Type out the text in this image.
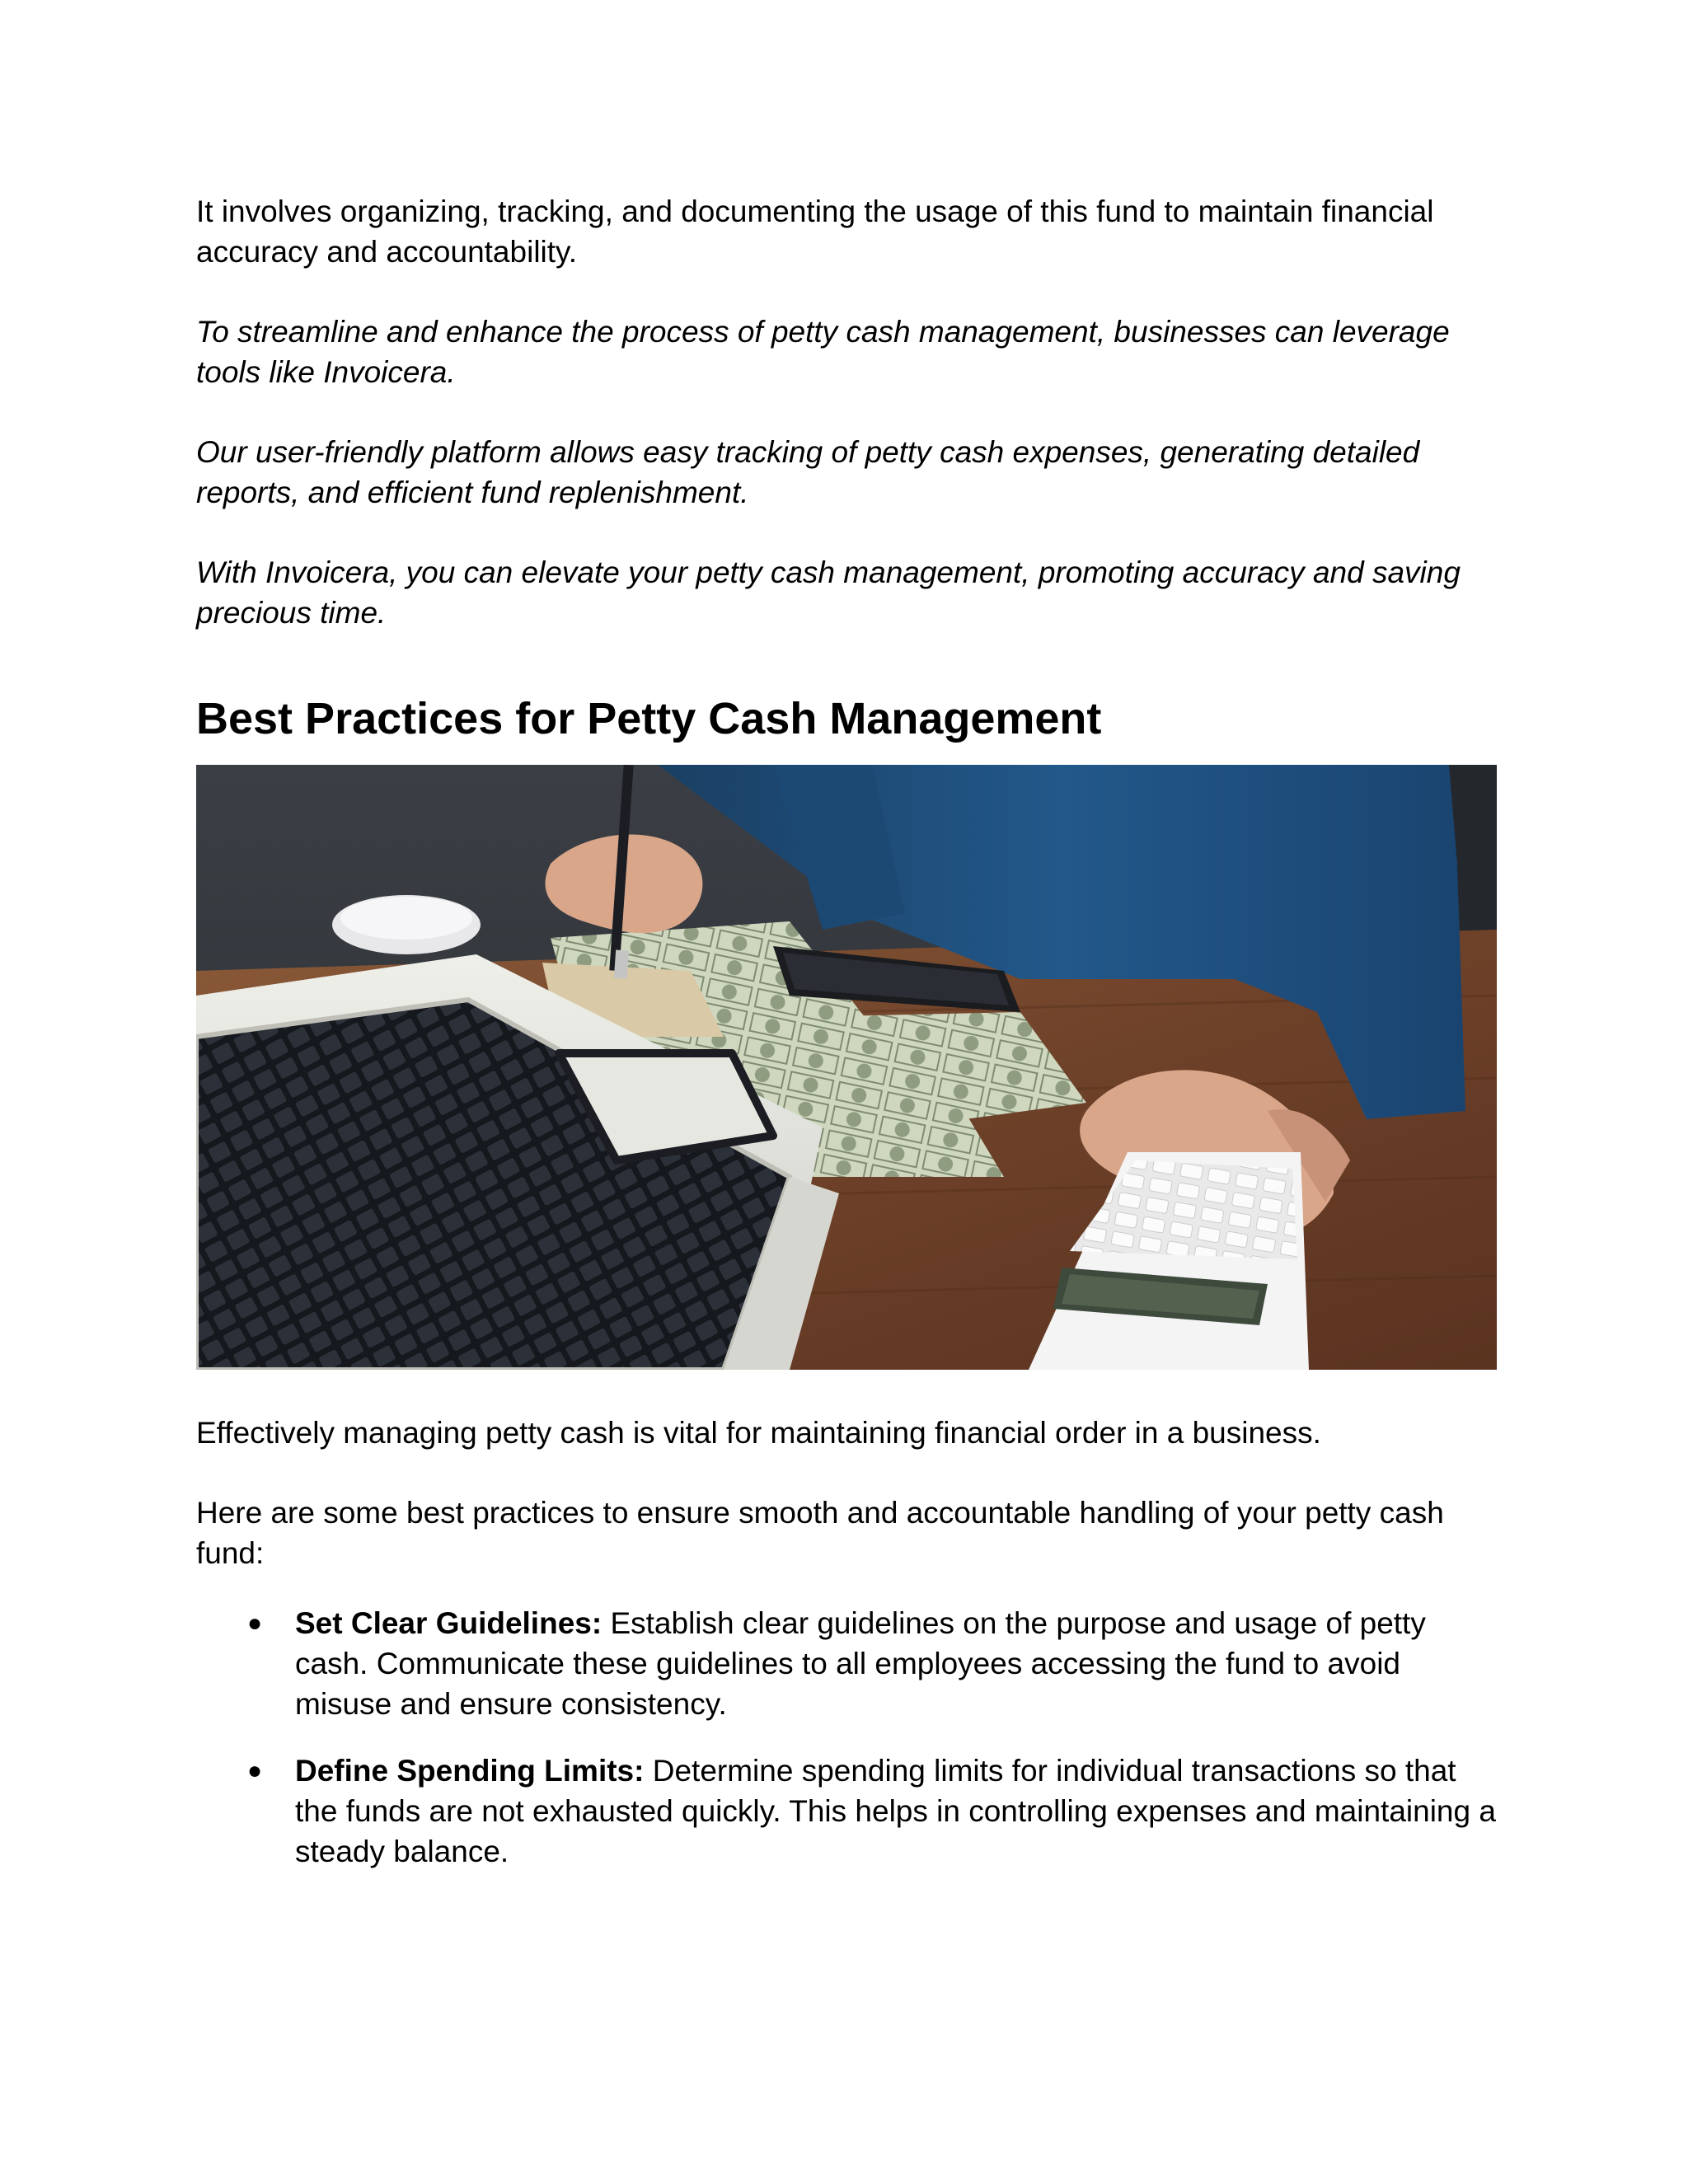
It involves organizing, tracking, and documenting the usage of this fund to maintain financial accuracy and accountability.

To streamline and enhance the process of petty cash management, businesses can leverage tools like Invoicera.

Our user-friendly platform allows easy tracking of petty cash expenses, generating detailed reports, and efficient fund replenishment.

With Invoicera, you can elevate your petty cash management, promoting accuracy and saving precious time.

Best Practices for Petty Cash Management

Effectively managing petty cash is vital for maintaining financial order in a business.

Here are some best practices to ensure smooth and accountable handling of your petty cash fund:

● Set Clear Guidelines: Establish clear guidelines on the purpose and usage of petty cash. Communicate these guidelines to all employees accessing the fund to avoid misuse and ensure consistency.
● Define Spending Limits: Determine spending limits for individual transactions so that the funds are not exhausted quickly. This helps in controlling expenses and maintaining a steady balance.
